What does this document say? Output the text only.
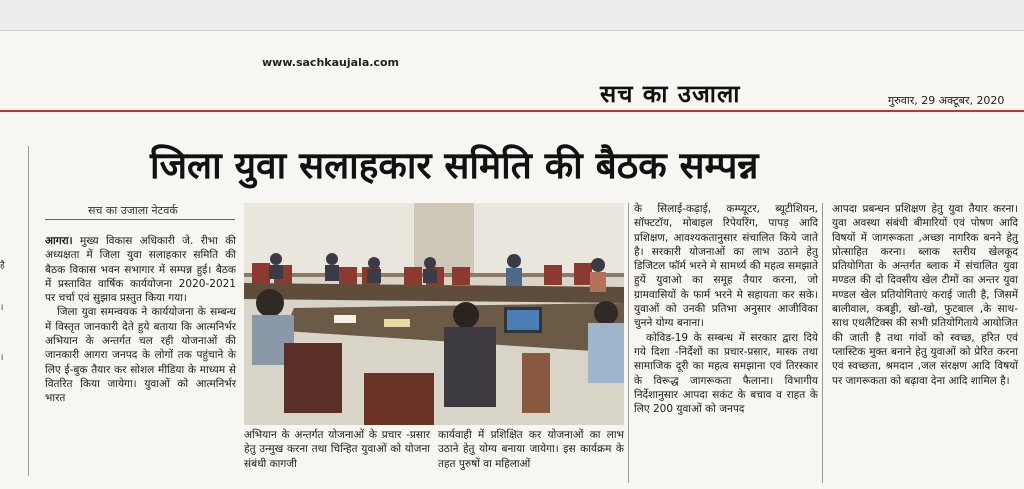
www.sachkaujala.com
सच का उजाला	गुरुवार, 29 अक्टूबर, 2020
जिला युवा सलाहकार समिति की बैठक सम्पन्न
है
।
।
सच का उजाला नेटवर्क

आगरा। मुख्य विकास अधिकारी जे. रीभा की अध्यक्षता में जिला युवा सलाहकार समिति की बैठक विकास भवन सभागार में सम्पन्न हुई। बैठक में प्रस्तावित वार्षिक कार्ययोजना 2020-2021 पर चर्चा एवं सुझाव प्रस्तुत किया गया।

जिला युवा समन्वयक ने कार्ययोजना के सम्बन्ध में विस्तृत जानकारी देते हुये बताया कि आत्मनिर्भर अभियान के अन्तर्गत चल रही योजनाओं की जानकारी आगरा जनपद के लोगों तक पहुंचाने के लिए ई-बुक तैयार कर सोशल मीडिया के माध्यम से वितरित किया जायेगा। युवाओं को आत्मनिर्भर भारत

अभियान के अन्तर्गत योजनाओं के प्रचार -प्रसार हेतु उन्मुख करना तथा चिन्हित युवाओं को योजना संबंधी कागजी

कार्यवाही में प्रशिक्षित कर योजनाओं का लाभ उठाने हेतु योग्य बनाया जायेगा। इस कार्यक्रम के तहत पुरुषों वा महिलाओं

के सिलाई-कढ़ाई, कम्प्यूटर, ब्यूटीशियन, सॉफ्टटॉय, मोबाइल रिपेयरिंग, पापड़ आदि प्रशिक्षण, आवश्यकतानुसार संचालित किये जाते है। सरकारी योजनाओं का लाभ उठाने हेतु डिजिटल फॉर्म भरने मे सामर्थ्य की महत्व समझाते हुयें युवाओ का समूह तैयार करना, जो ग्रामवासियों के फार्म भरने मे सहायता कर सके। युवाओं को उनकी प्रतिभा अनुसार आजीविका चुनने योग्य बनाना।

कोविड-19 के सम्बन्ध में सरकार द्वारा दिये गये दिशा -निर्देशों का प्रचार-प्रसार, मास्क तथा सामाजिक दूरी का महत्व समझाना एवं तिरस्कार के विरूद्ध जागरूकता फैलाना। विभागीय निर्देशानुसार आपदा सकंट के बचाव व राहत के लिए 200 युवाओं को जनपद

आपदा प्रबन्धन प्रशिक्षण हेतु युवा तैयार करना। युवा अवस्था संबंधी बीमारियों एवं पोषण आदि विषयों में जागरूकता ,अच्छा नागरिक बनने हेतु प्रोत्साहित करना। ब्लाक स्तरीय खेलकूद प्रतियोगिता के अन्तर्गत ब्लाक में संचालित युवा मण्डल की दो दिवसीय खेल टीमों का अन्तर युवा मण्डल खेल प्रतियोगिताएं कराई जाती है, जिसमें बालीवाल, कबड्डी, खो-खो, फुटबाल ,के साथ-साथ एथलैटिक्स की सभी प्रतियोगिताये आयोजित की जाती है तथा गांवों को स्वच्छ, हरित एवं प्लास्टिक मुक्त बनाने हेतु युवाओं को प्रेरित करना एवं स्वच्छता, श्रमदान ,जल संरक्षण आदि विषयों पर जागरूकता को बढ़ावा देना आदि शामिल है।
